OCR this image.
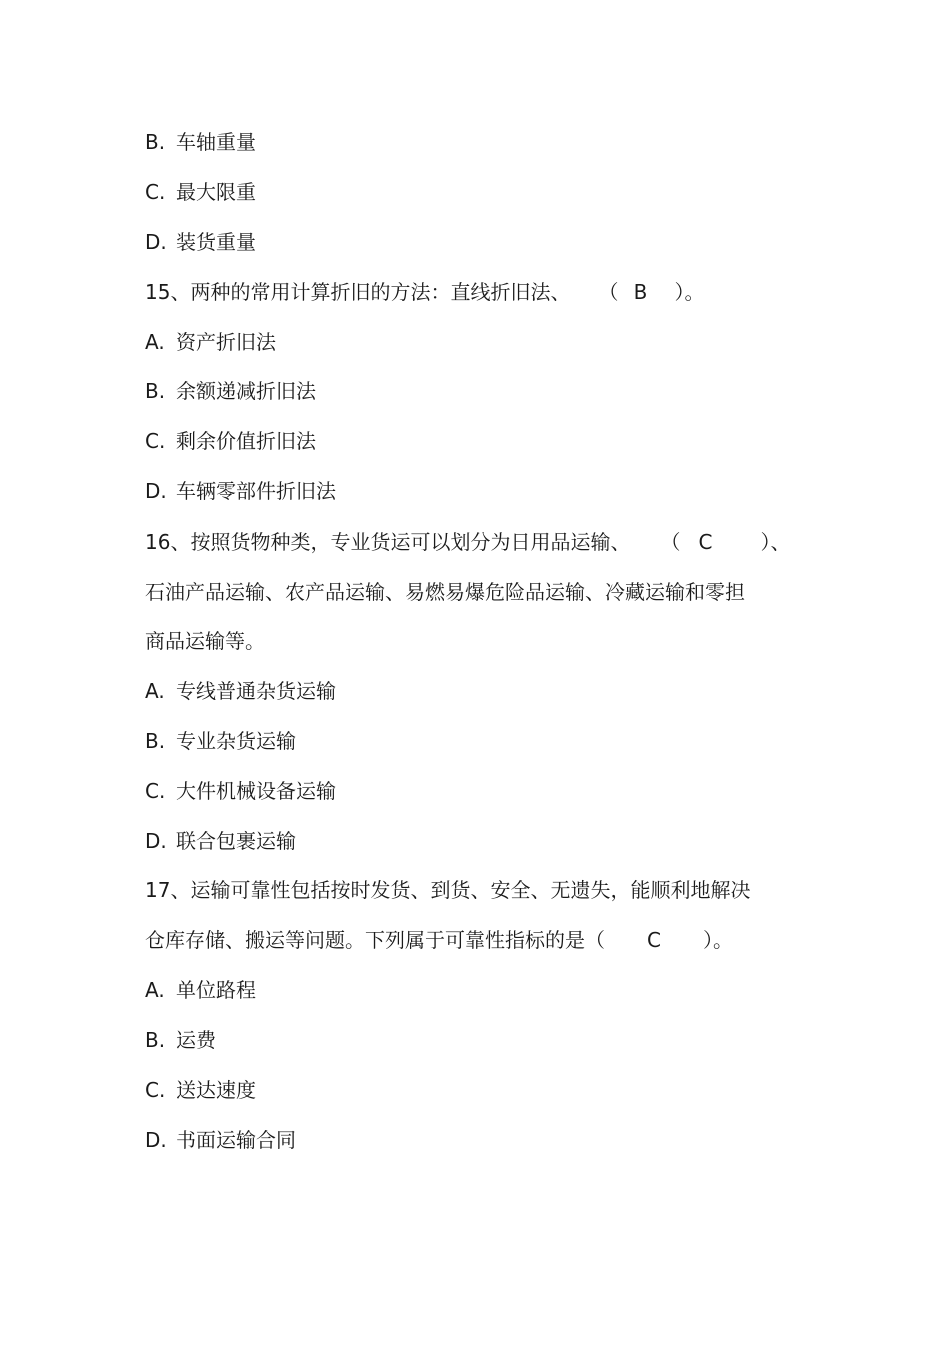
B. 车轴重量
C. 最大限重
D. 装货重量
15、两种的常用计算折旧的方法：直线折旧法、 （ B ）。
A. 资产折旧法
B. 余额递减折旧法
C. 剩余价值折旧法
D. 车辆零部件折旧法
16、按照货物种类，专业货运可以划分为日用品运输、 （ C ）、
石油产品运输、农产品运输、易燃易爆危险品运输、冷藏运输和零担
商品运输等。
A. 专线普通杂货运输
B. 专业杂货运输
C. 大件机械设备运输
D. 联合包裹运输
17、运输可靠性包括按时发货、到货、安全、无遗失，能顺利地解决
仓库存储、搬运等问题。下列属于可靠性指标的是（ C ）。
A. 单位路程
B. 运费
C. 送达速度
D. 书面运输合同
